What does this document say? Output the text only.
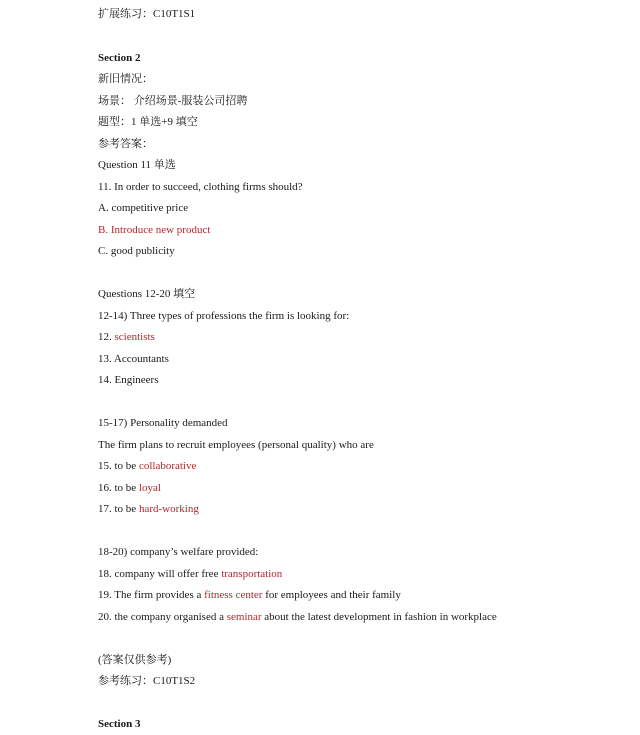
扩展练习：C10T1S1
Section 2
新旧情况：
场景： 介绍场景-服装公司招聘
题型：1 单选+9 填空
参考答案：
Question 11 单选
11. In order to succeed, clothing firms should?
A. competitive price
B. Introduce new product
C. good publicity
Questions 12-20 填空
12-14) Three types of professions the firm is looking for:
12. scientists
13. Accountants
14. Engineers
15-17) Personality demanded
The firm plans to recruit employees (personal quality) who are
15. to be collaborative
16. to be loyal
17. to be hard-working
18-20) company’s welfare provided:
18. company will offer free transportation
19. The firm provides a fitness center for employees and their family
20. the company organised a seminar about the latest development in fashion in workplace
(答案仅供参考)
参考练习：C10T1S2
Section 3
